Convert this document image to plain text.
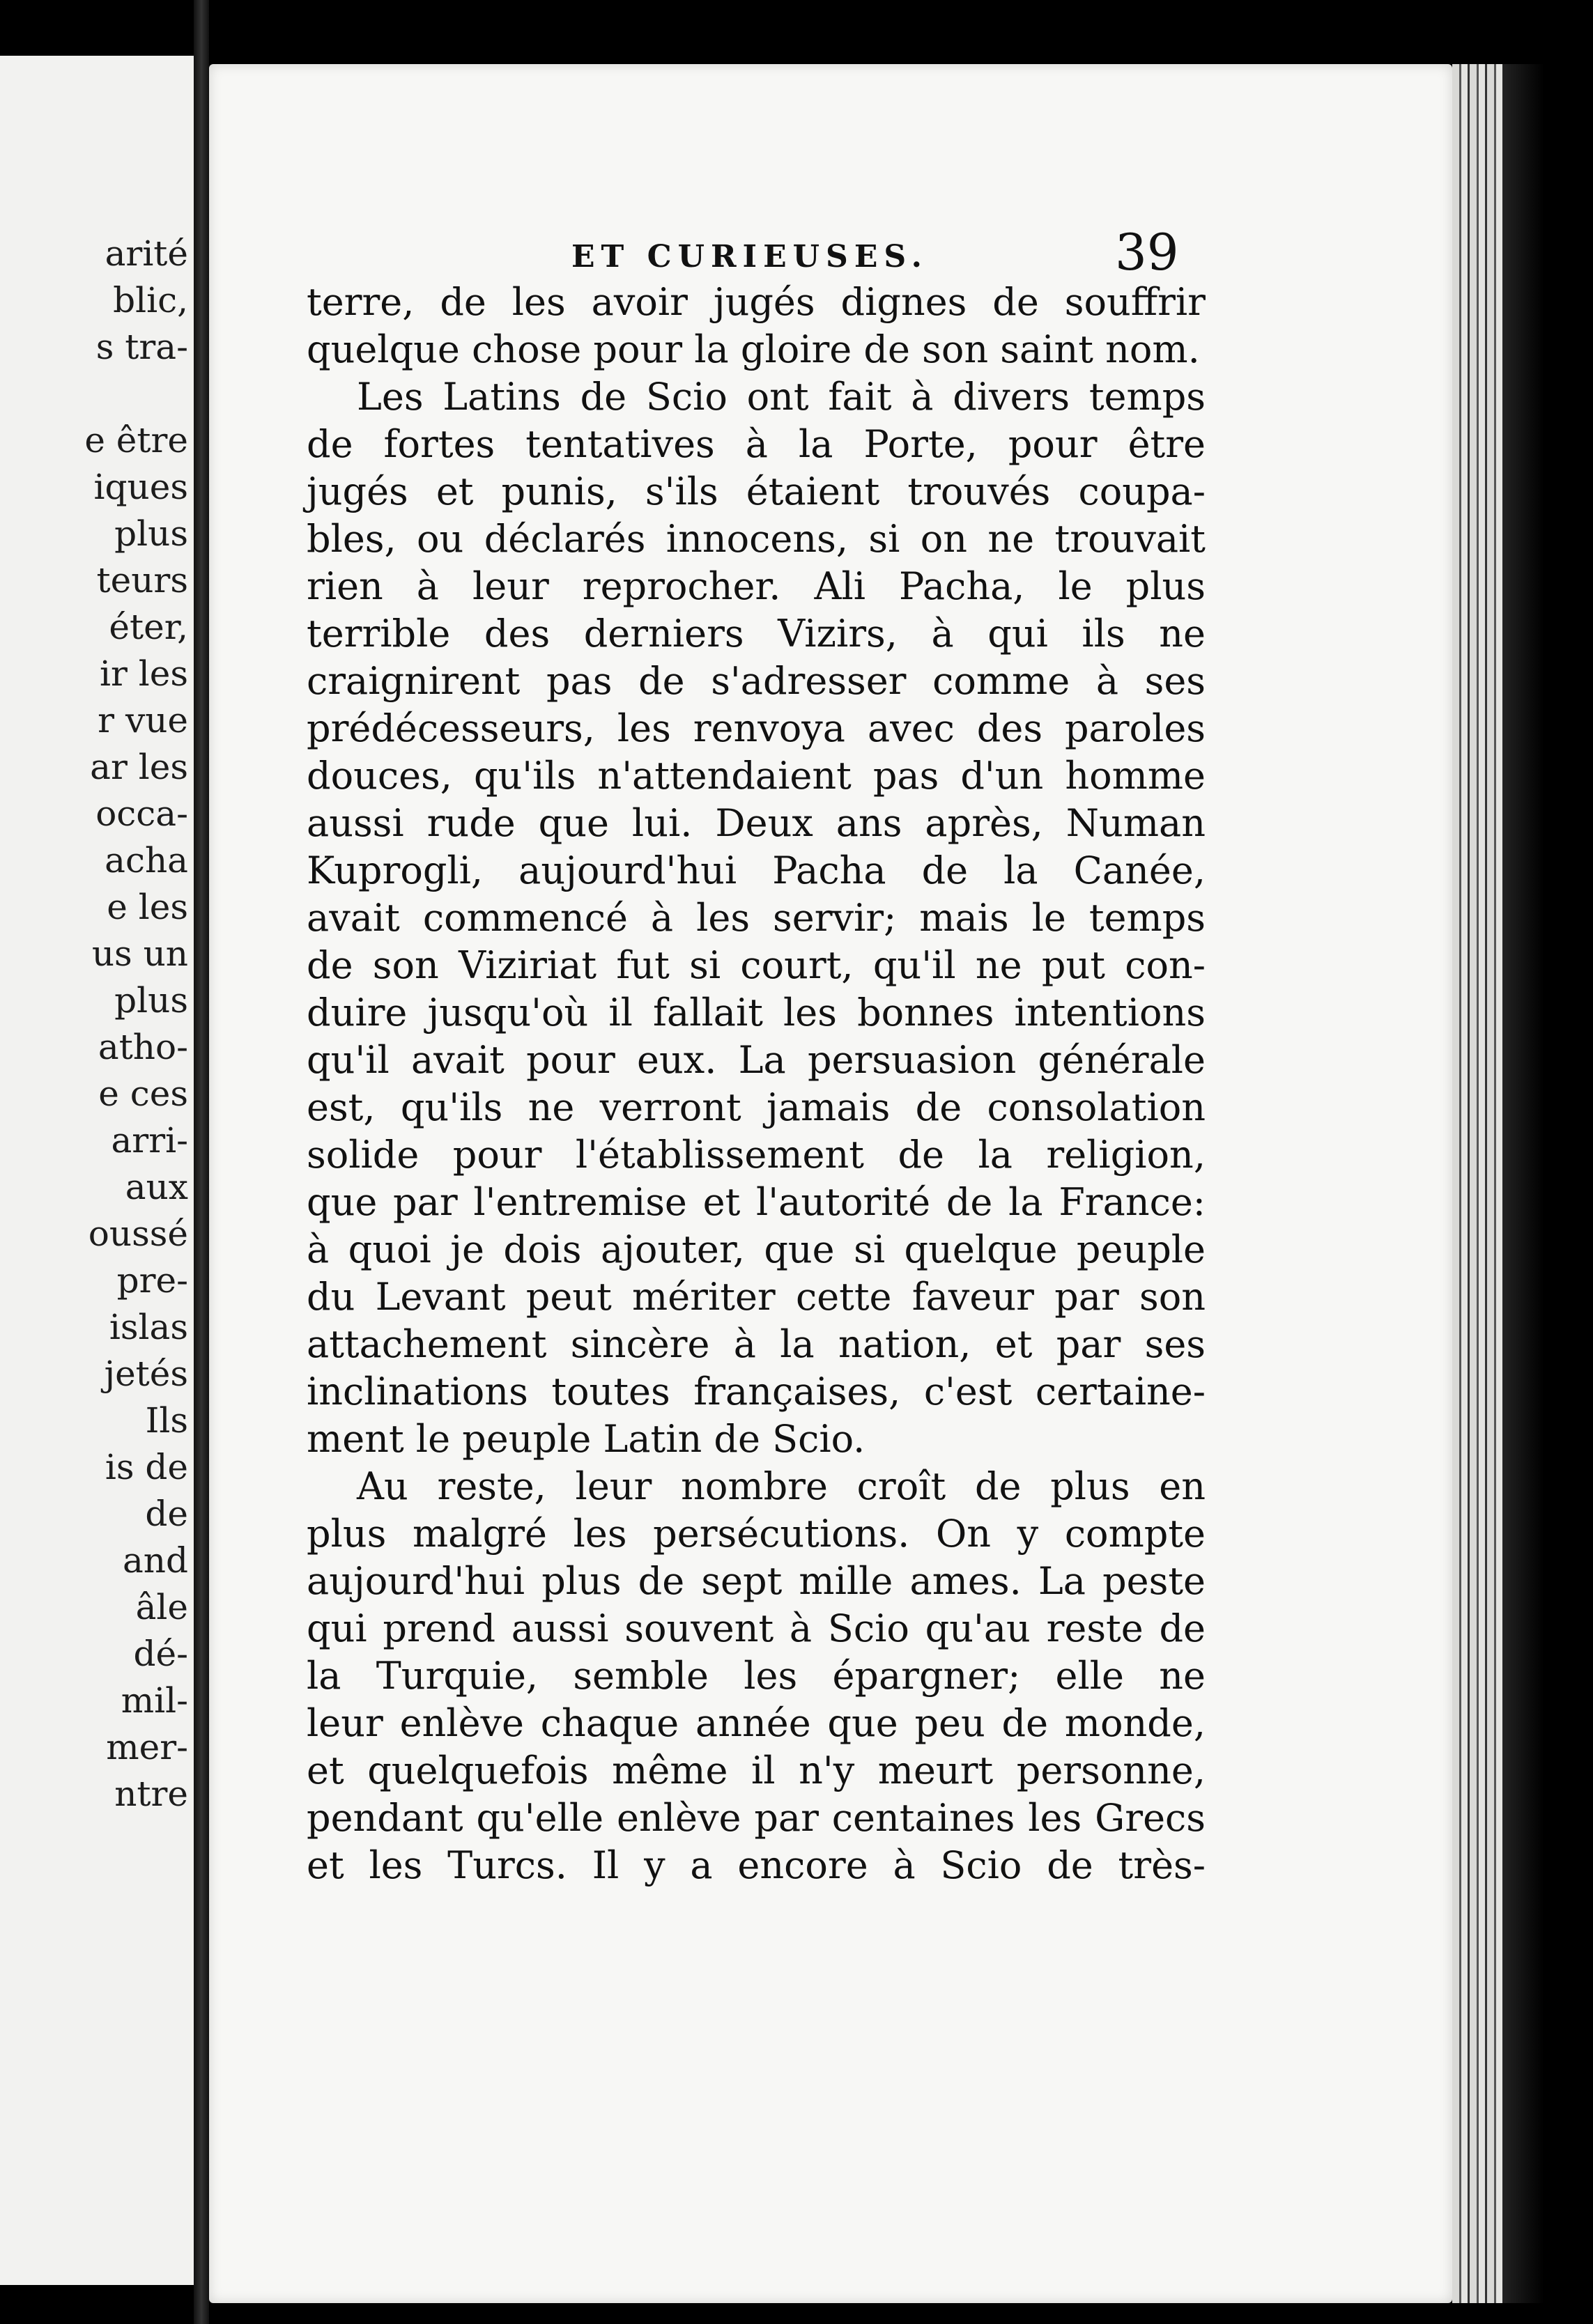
arité
blic,
s tra-
e être
iques
plus
teurs
éter,
ir les
r vue
ar les
occa-
acha
e les
us un
plus
atho-
e ces
arri-
aux
oussé
pre-
islas
jetés
Ils
is de
de
and
âle
dé-
mil-
mer-
ntre
ET CURIEUSES.	39
terre, de les avoir jugés dignes de souffrir
quelque chose pour la gloire de son saint nom.
Les Latins de Scio ont fait à divers temps
de fortes tentatives à la Porte, pour être
jugés et punis, s'ils étaient trouvés coupa-
bles, ou déclarés innocens, si on ne trouvait
rien à leur reprocher. Ali Pacha, le plus
terrible des derniers Vizirs, à qui ils ne
craignirent pas de s'adresser comme à ses
prédécesseurs, les renvoya avec des paroles
douces, qu'ils n'attendaient pas d'un homme
aussi rude que lui. Deux ans après, Numan
Kuprogli, aujourd'hui Pacha de la Canée,
avait commencé à les servir; mais le temps
de son Viziriat fut si court, qu'il ne put con-
duire jusqu'où il fallait les bonnes intentions
qu'il avait pour eux. La persuasion générale
est, qu'ils ne verront jamais de consolation
solide pour l'établissement de la religion,
que par l'entremise et l'autorité de la France:
à quoi je dois ajouter, que si quelque peuple
du Levant peut mériter cette faveur par son
attachement sincère à la nation, et par ses
inclinations toutes françaises, c'est certaine-
ment le peuple Latin de Scio.
Au reste, leur nombre croît de plus en
plus malgré les persécutions. On y compte
aujourd'hui plus de sept mille ames. La peste
qui prend aussi souvent à Scio qu'au reste de
la Turquie, semble les épargner; elle ne
leur enlève chaque année que peu de monde,
et quelquefois même il n'y meurt personne,
pendant qu'elle enlève par centaines les Grecs
et les Turcs. Il y a encore à Scio de très-
